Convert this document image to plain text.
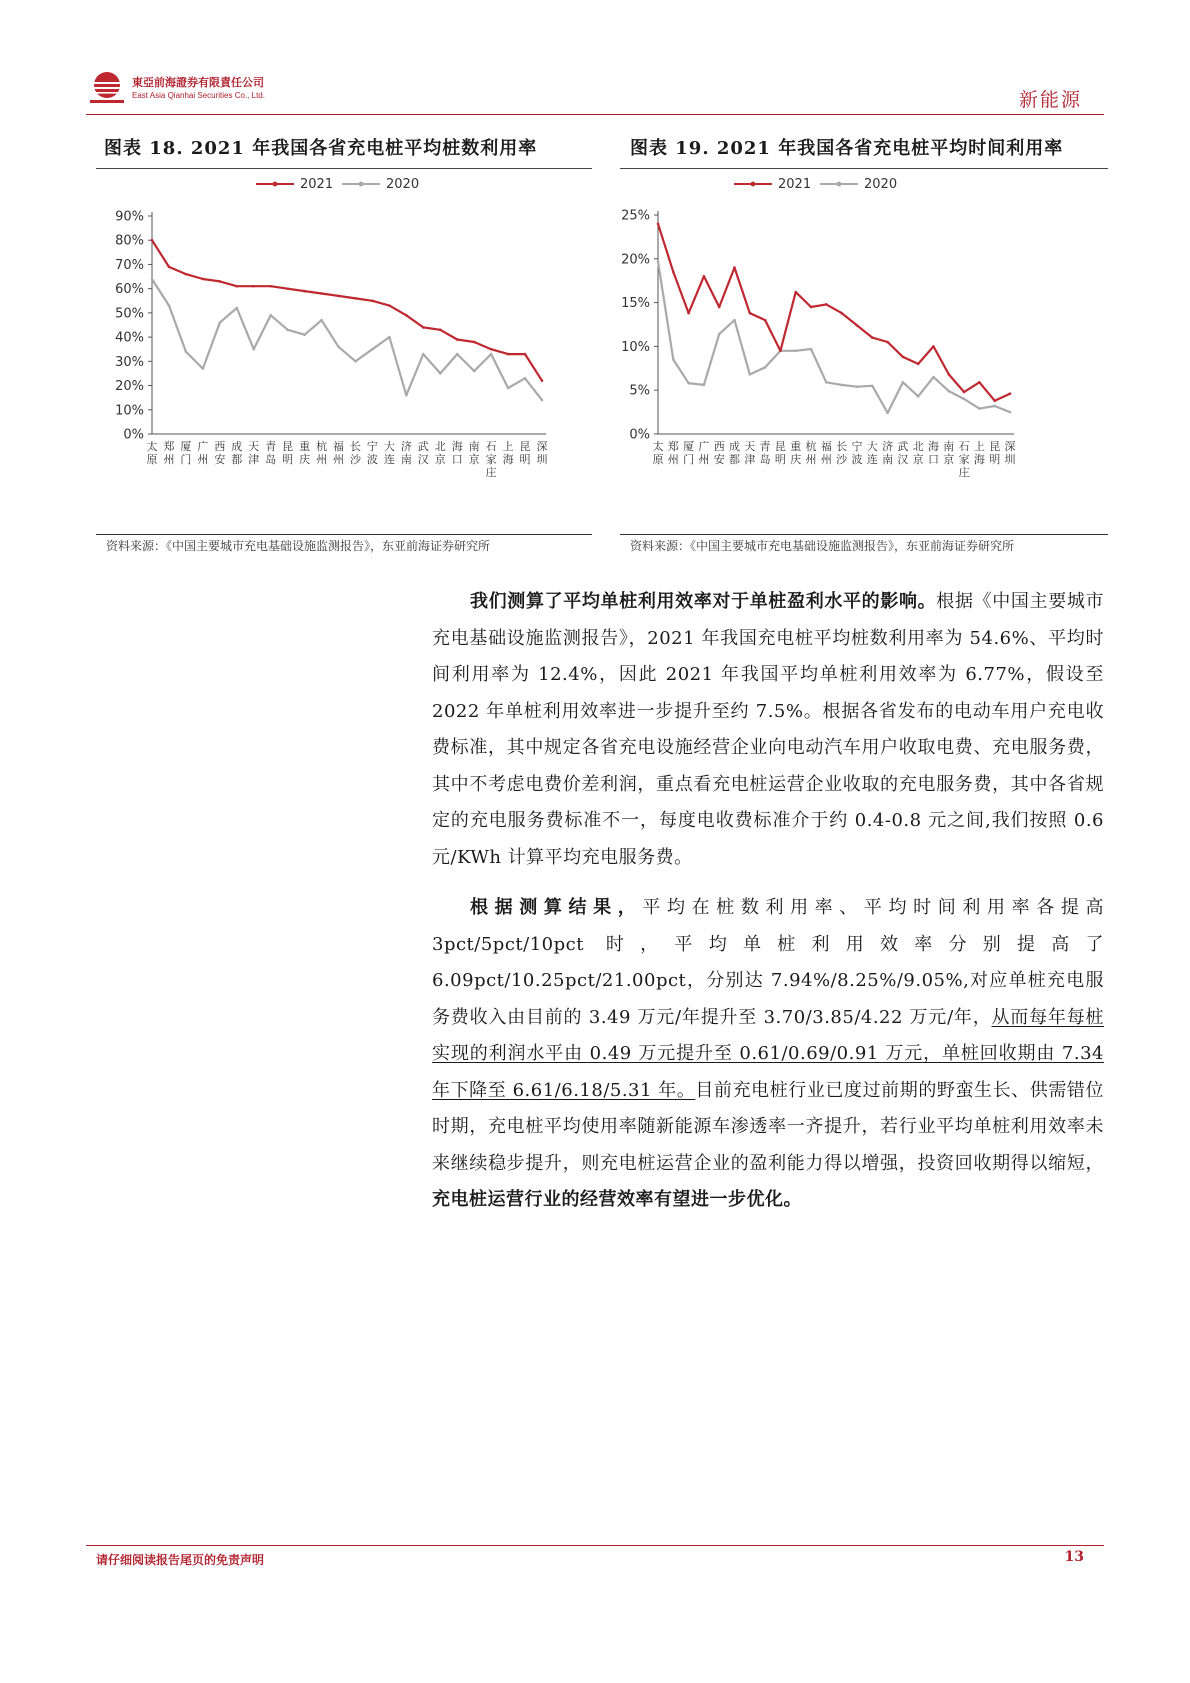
東亞前海證券有限責任公司
East Asia Qianhai Securities Co., Ltd.	新能源
图表 18. 2021 年我国各省充电桩平均桩数利用率	图表 19. 2021 年我国各省充电桩平均时间利用率
2021	2020
0%
10%
20%
30%
40%
50%
60%
70%
80%
90%
太原
郑州
厦门
广州
西安
成都
天津
青岛
昆明
重庆
杭州
福州
长沙
宁波
大连
济南
武汉
北京
海口
南京
石家庄
上海
昆明
深圳
2021	2020
0%
5%
10%
15%
20%
25%
太原
郑州
厦门
广州
西安
成都
天津
青岛
昆明
重庆
杭州
福州
长沙
宁波
大连
济南
武汉
北京
海口
南京
石家庄
上海
昆明
深圳
资料来源：《中国主要城市充电基础设施监测报告》，东亚前海证券研究所	资料来源：《中国主要城市充电基础设施监测报告》，东亚前海证券研究所
我们测算了平均单桩利用效率对于单桩盈利水平的影响。根据《中国主要城市充电基础设施监测报告》，2021 年我国充电桩平均桩数利用率为 54.6%、平均时间利用率为 12.4%，因此 2021 年我国平均单桩利用效率为 6.77%，假设至 2022 年单桩利用效率进一步提升至约 7.5%。根据各省发布的电动车用户充电收费标准，其中规定各省充电设施经营企业向电动汽车用户收取电费、充电服务费，其中不考虑电费价差利润，重点看充电桩运营企业收取的充电服务费，其中各省规定的充电服务费标准不一，每度电收费标准介于约 0.4-0.8 元之间,我们按照 0.6 元/KWh 计算平均充电服务费。
根据测算结果，平均在桩数利用率、平均时间利用率各提高 3pct/5pct/10pct 时，平均单桩利用效率分别提高了 6.09pct/10.25pct/21.00pct，分别达 7.94%/8.25%/9.05%,对应单桩充电服务费收入由目前的 3.49 万元/年提升至 3.70/3.85/4.22 万元/年，从而每年每桩实现的利润水平由 0.49 万元提升至 0.61/0.69/0.91 万元，单桩回收期由 7.34 年下降至 6.61/6.18/5.31 年。目前充电桩行业已度过前期的野蛮生长、供需错位时期，充电桩平均使用率随新能源车渗透率一齐提升，若行业平均单桩利用效率未来继续稳步提升，则充电桩运营企业的盈利能力得以增强，投资回收期得以缩短，充电桩运营行业的经营效率有望进一步优化。
请仔细阅读报告尾页的免责声明	13
